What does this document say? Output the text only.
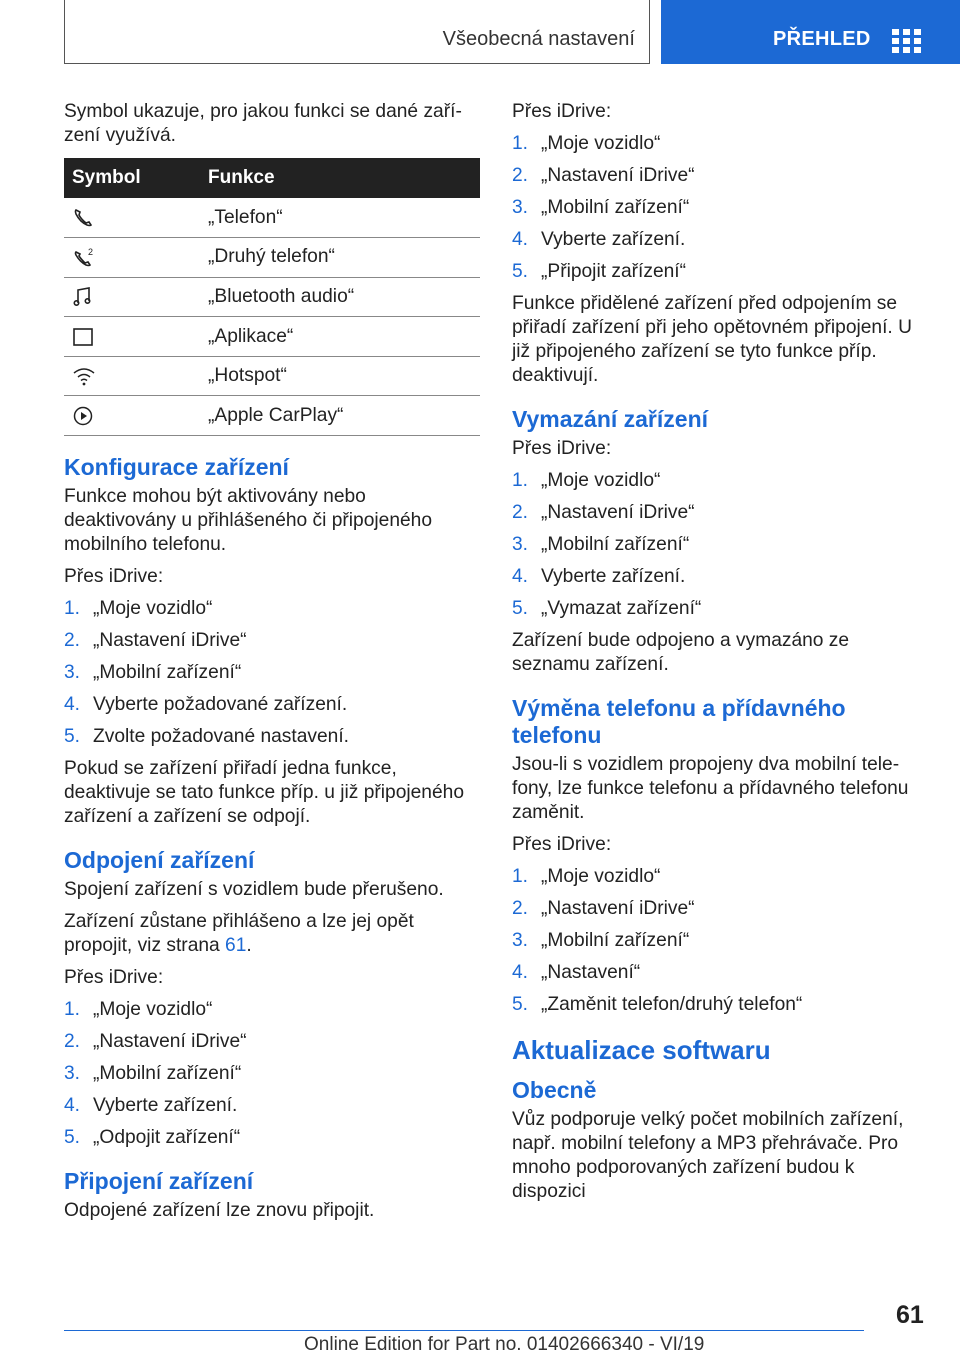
Všeobecná nastavení	PŘEHLED

Symbol ukazuje, pro jakou funkci se dané zařízení využívá.

Symbol	Funkce

	„Telefon“

2	„Druhý telefon“

	„Bluetooth audio“

	„Aplikace“

	„Hotspot“

	„Apple CarPlay“
Konfigurace zařízení

Funkce mohou být aktivovány nebo deaktivovány u přihlášeného či připojeného mobilního telefonu.

Přes iDrive:

1. „Moje vozidlo“
2. „Nastavení iDrive“
3. „Mobilní zařízení“
4. Vyberte požadované zařízení.
5. Zvolte požadované nastavení.

Pokud se zařízení přiřadí jedna funkce, deaktivuje se tato funkce příp. u již připojeného zařízení a zařízení se odpojí.

Odpojení zařízení

Spojení zařízení s vozidlem bude přerušeno.

Zařízení zůstane přihlášeno a lze jej opět propojit, viz strana 61.

Přes iDrive:

1. „Moje vozidlo“
2. „Nastavení iDrive“
3. „Mobilní zařízení“
4. Vyberte zařízení.
5. „Odpojit zařízení“
Připojení zařízení

Odpojené zařízení lze znovu připojit.

Přes iDrive:

1. „Moje vozidlo“
2. „Nastavení iDrive“
3. „Mobilní zařízení“
4. Vyberte zařízení.
5. „Připojit zařízení“

Funkce přidělené zařízení před odpojením se přiřadí zařízení při jeho opětovném připojení. U již připojeného zařízení se tyto funkce příp. deaktivují.

Vymazání zařízení

Přes iDrive:

1. „Moje vozidlo“
2. „Nastavení iDrive“
3. „Mobilní zařízení“
4. Vyberte zařízení.
5. „Vymazat zařízení“

Zařízení bude odpojeno a vymazáno ze seznamu zařízení.

Výměna telefonu a přídavného telefonu

Jsou-li s vozidlem propojeny dva mobilní telefony, lze funkce telefonu a přídavného telefonu zaměnit.

Přes iDrive:

1. „Moje vozidlo“
2. „Nastavení iDrive“
3. „Mobilní zařízení“
4. „Nastavení“
5. „Zaměnit telefon/druhý telefon“
Aktualizace softwaru
Obecně

Vůz podporuje velký počet mobilních zařízení, např. mobilní telefony a MP3 přehrávače. Pro mnoho podporovaných zařízení budou k dispozici

61
Online Edition for Part no. 01402666340 - VI/19
